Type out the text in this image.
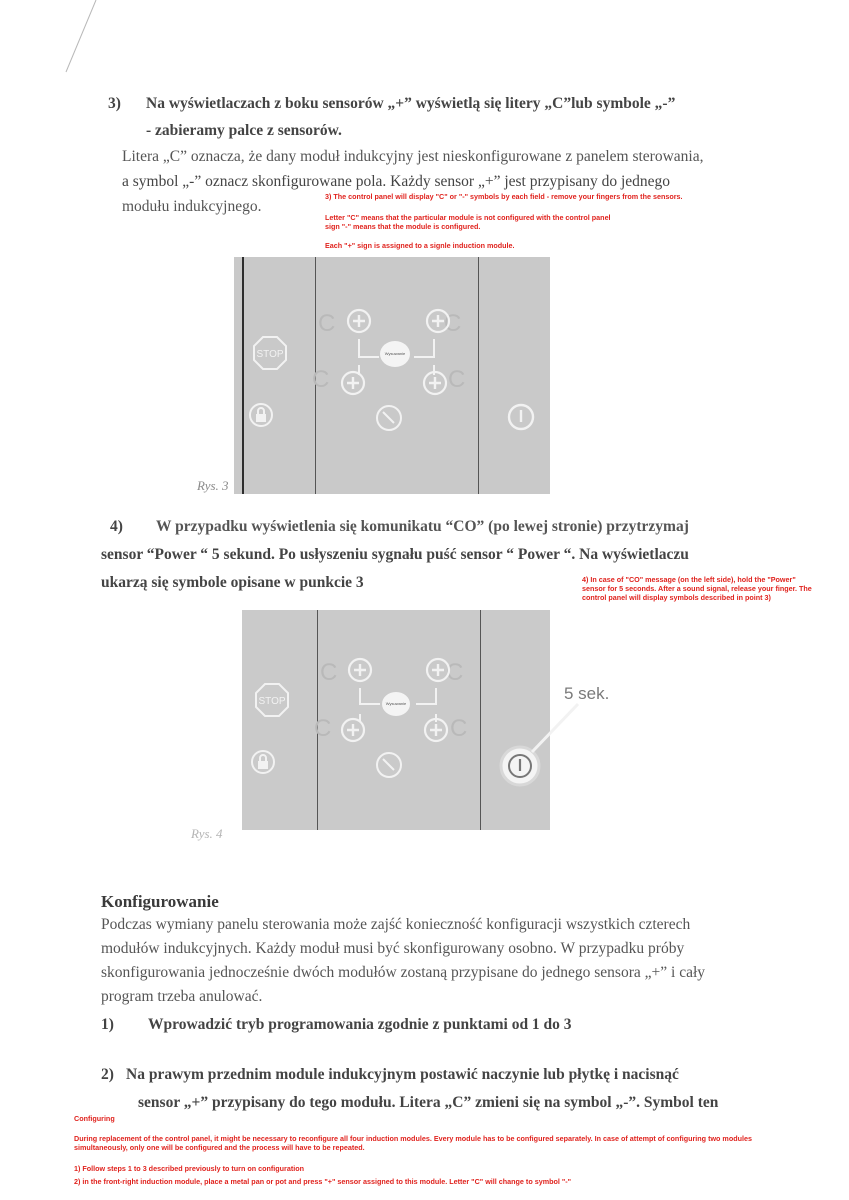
3) Na wyświetlaczach z boku sensorów „+” wyświetlą się litery „C”lub symbole „-”
- zabieramy palce z sensorów.
Litera „C” oznacza, że dany moduł indukcyjny jest nieskonfigurowane z panelem sterowania,
a symbol „-” oznacz skonfigurowane pola. Każdy sensor „+” jest przypisany do jednego
modułu indukcyjnego.
3) The control panel will display "C" or "-" symbols by each field - remove your fingers from the sensors.
Letter "C" means that the particular module is not configured with the control panel
sign "-" means that the module is configured.
Each "+" sign is assigned to a signle induction module.
C	C
C	C
STOP	Wysuwanie
Rys. 3
4) W przypadku wyświetlenia się komunikatu “CO” (po lewej stronie) przytrzymaj
sensor “Power “ 5 sekund. Po usłyszeniu sygnału puść sensor “ Power “. Na wyświetlaczu
ukarzą się symbole opisane w punkcie 3	4) In case of "CO" message (on the left side), hold the "Power"
sensor for 5 seconds. After a sound signal, release your finger. The
control panel will display symbols described in point 3)
C	C
C	C
STOP	Wysuwanie
5 sek.
Rys. 4
Konfigurowanie
Podczas wymiany panelu sterowania może zajść konieczność konfiguracji wszystkich czterech
modułów indukcyjnych. Każdy moduł musi być skonfigurowany osobno. W przypadku próby
skonfigurowania jednocześnie dwóch modułów zostaną przypisane do jednego sensora „+” i cały
program trzeba anulować.
1) Wprowadzić tryb programowania zgodnie z punktami od 1 do 3
2) Na prawym przednim module indukcyjnym postawić naczynie lub płytkę i nacisnąć
sensor „+” przypisany do tego modułu. Litera „C” zmieni się na symbol „-”. Symbol ten
Configuring
During replacement of the control panel, it might be necessary to reconfigure all four induction modules. Every module has to be configured separately. In case of attempt of configuring two modules simultaneously, only one will be configured and the process will have to be repeated.
1) Follow steps 1 to 3 described previously to turn on configuration
2) in the front-right induction module, place a metal pan or pot and press "+" sensor assigned to this module. Letter "C" will change to symbol "-"
